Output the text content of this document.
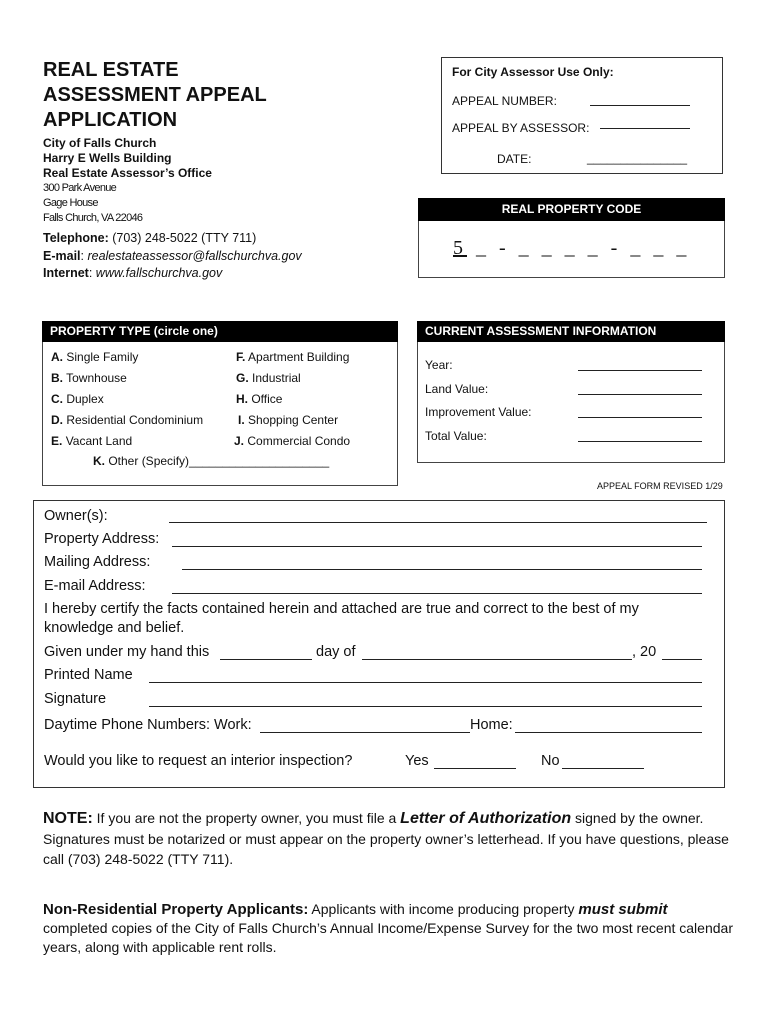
REAL ESTATE
ASSESSMENT APPEAL
APPLICATION
City of Falls Church
Harry E Wells Building
Real Estate Assessor’s Office
300 Park Avenue
Gage House
Falls Church, VA 22046
Telephone: (703) 248-5022 (TTY 711)
E-mail: realestateassessor@fallschurchva.gov
Internet: www.fallschurchva.gov
For City Assessor Use Only:
APPEAL NUMBER:
APPEAL BY ASSESSOR:
DATE:	_______________
REAL PROPERTY CODE
5 _ - _ _ _ _ - _ _ _
PROPERTY TYPE (circle one)
A. Single Family
B. Townhouse
C. Duplex
D. Residential Condominium
E. Vacant Land
F. Apartment Building
G. Industrial
H. Office
I. Shopping Center
J. Commercial Condo
K. Other (Specify)_____________________
CURRENT ASSESSMENT INFORMATION
Year:
Land Value:
Improvement Value:
Total Value:
APPEAL FORM REVISED 1/29
Owner(s):
Property Address:
Mailing Address:
E-mail Address:
I hereby certify the facts contained herein and attached are true and correct to the best of my
knowledge and belief.
Given under my hand this	day of	, 20
Printed Name
Signature
Daytime Phone Numbers: Work:	Home:
Would you like to request an interior inspection?	Yes	No
NOTE: If you are not the property owner, you must file a Letter of Authorization signed by the owner. Signatures must be notarized or must appear on the property owner’s letterhead. If you have questions, please call (703) 248-5022 (TTY 711).
Non-Residential Property Applicants: Applicants with income producing property must submit completed copies of the City of Falls Church’s Annual Income/Expense Survey for the two most recent calendar years, along with applicable rent rolls.
